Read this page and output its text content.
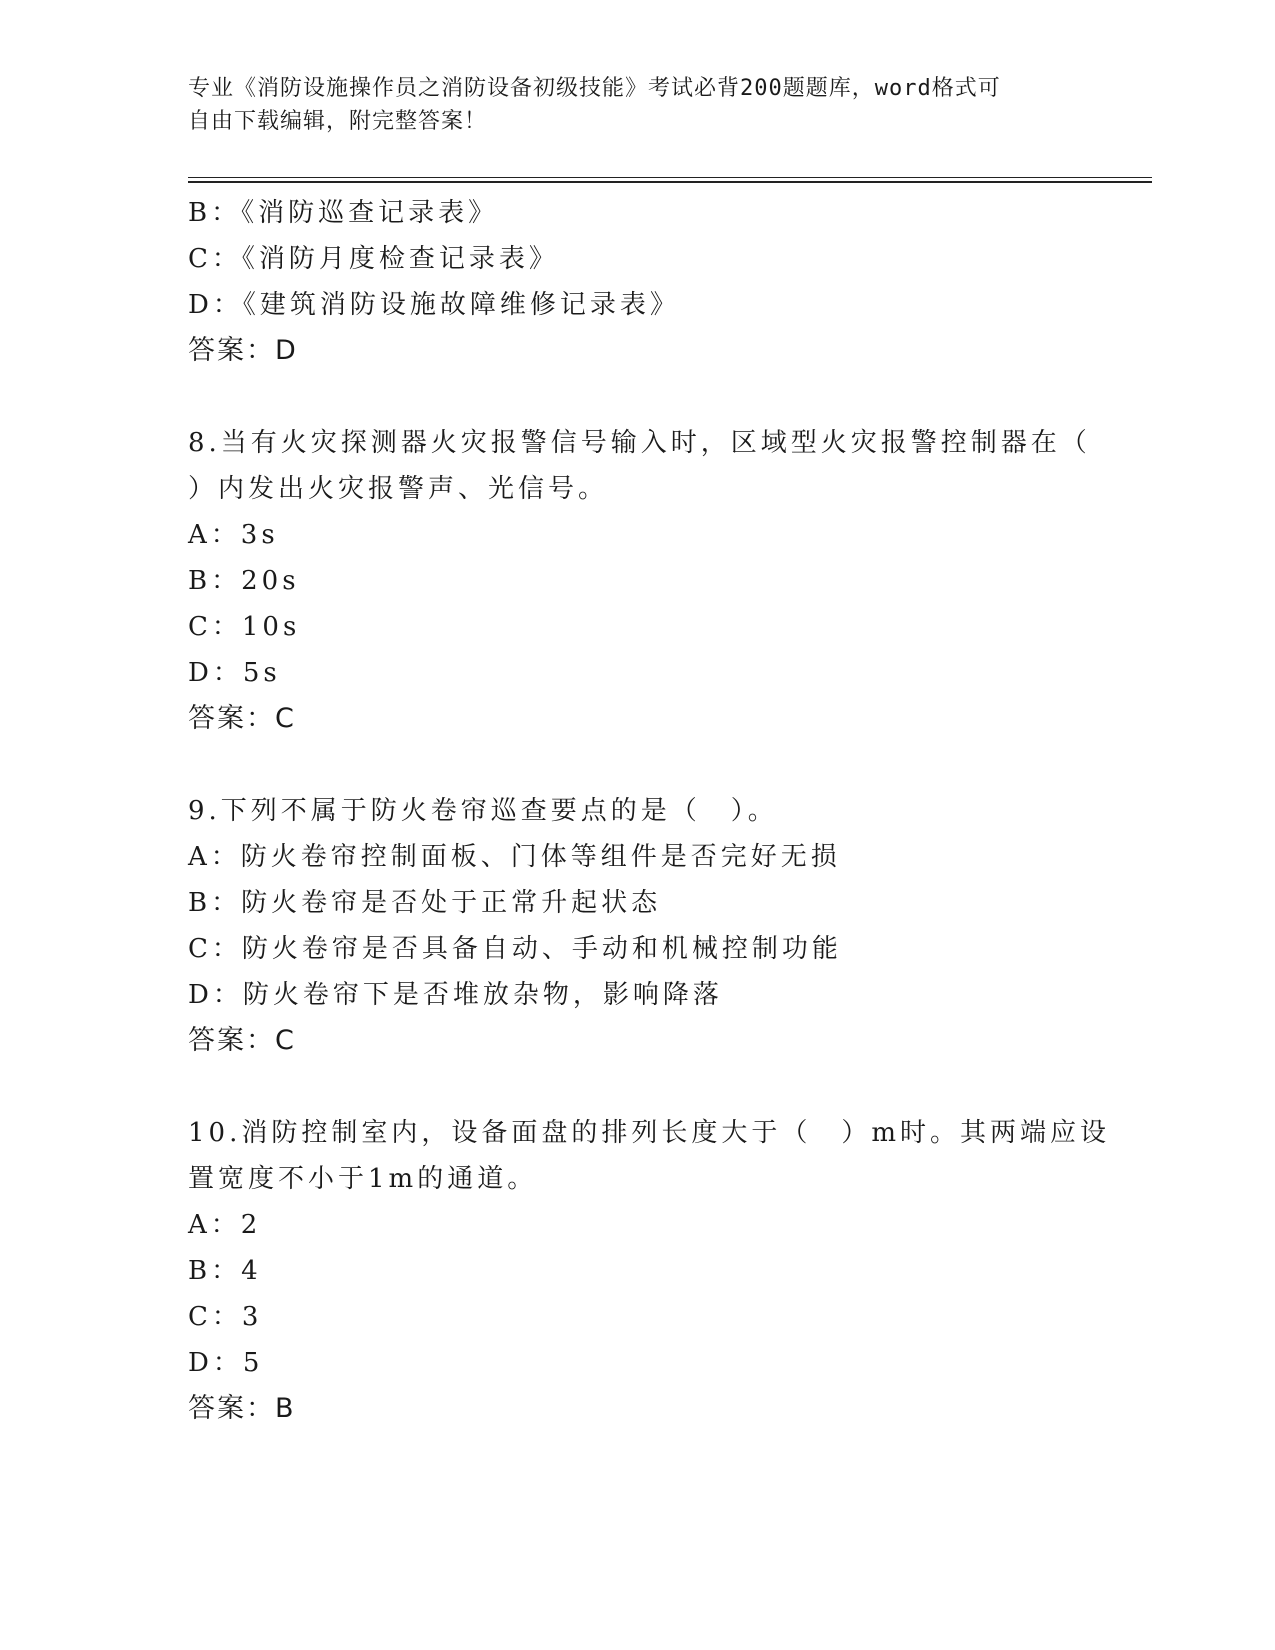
专业《消防设施操作员之消防设备初级技能》考试必背200题题库，word格式可
自由下载编辑，附完整答案！
B：《消防巡查记录表》
C：《消防月度检查记录表》
D：《建筑消防设施故障维修记录表》
答案：D
8.当有火灾探测器火灾报警信号输入时，区域型火灾报警控制器在（
）内发出火灾报警声、光信号。
A：3s
B：20s
C：10s
D：5s
答案：C
9.下列不属于防火卷帘巡查要点的是（　）。
A：防火卷帘控制面板、门体等组件是否完好无损
B：防火卷帘是否处于正常升起状态
C：防火卷帘是否具备自动、手动和机械控制功能
D：防火卷帘下是否堆放杂物，影响降落
答案：C
10.消防控制室内，设备面盘的排列长度大于（　）m时。其两端应设
置宽度不小于1m的通道。
A：2
B：4
C：3
D：5
答案：B
